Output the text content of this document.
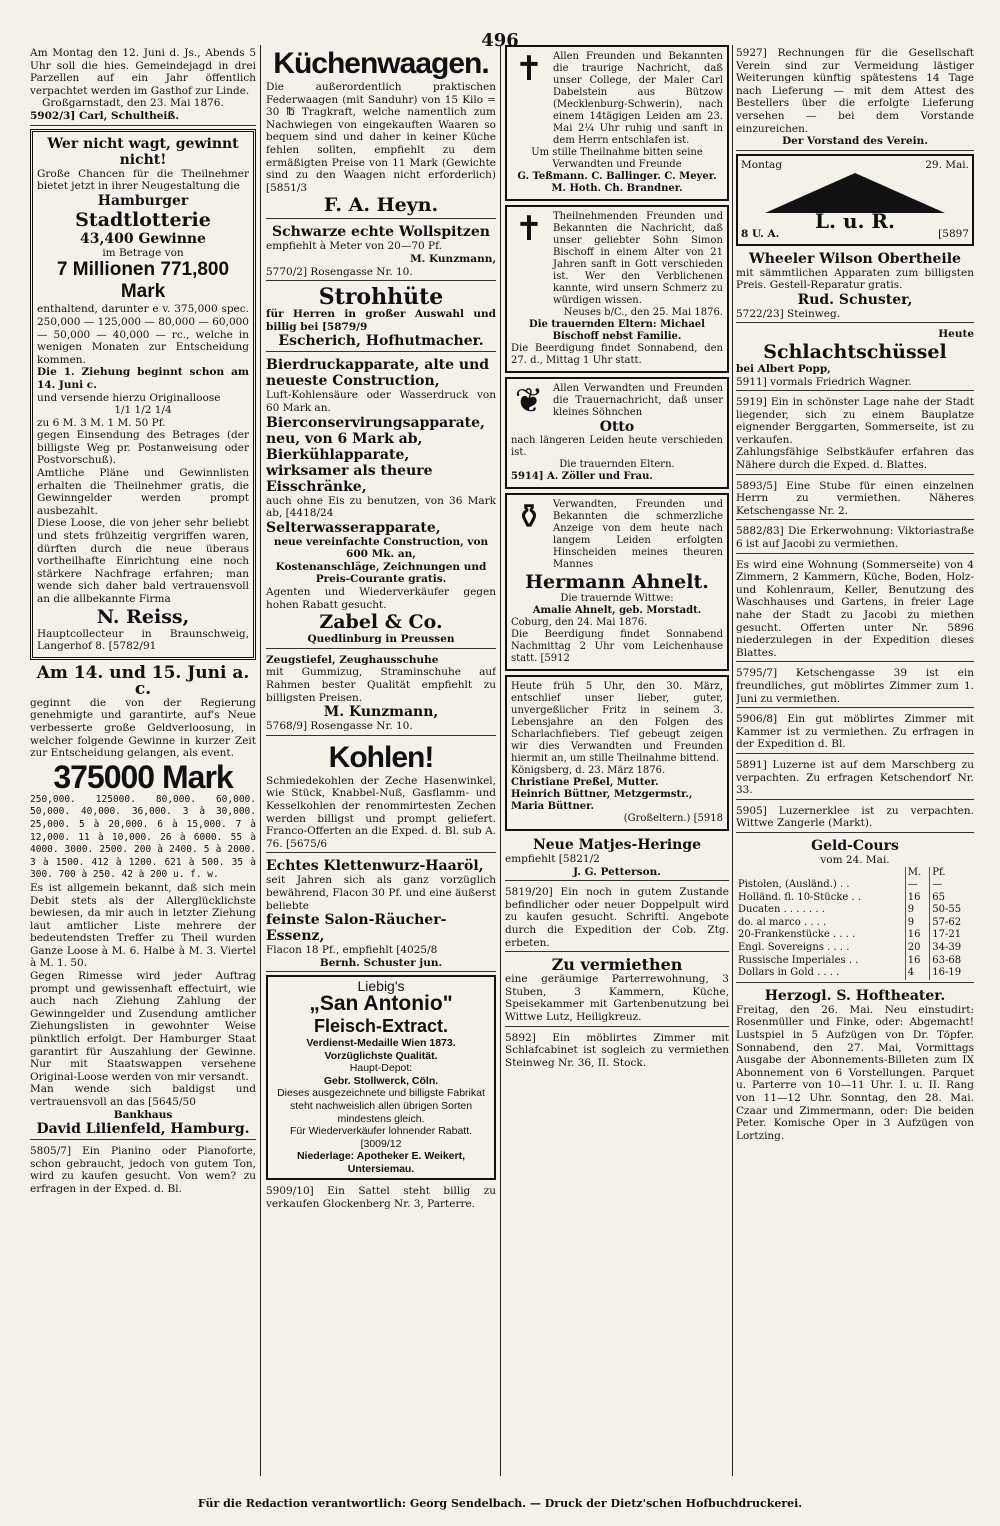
496

Am Montag den 12. Juni d. Js., Abends 5 Uhr soll die hies. Gemeindejagd in drei Parzellen auf ein Jahr öffentlich verpachtet werden im Gasthof zur Linde.

Großgarnstadt, den 23. Mai 1876.

5902/3] Carl, Schultheiß.

Wer nicht wagt, gewinnt nicht!

Große Chancen für die Theilnehmer bietet jetzt in ihrer Neugestaltung die

Hamburger

Stadtlotterie

43,400 Gewinne

im Betrage von

7 Millionen 771,800 Mark

enthaltend, darunter e v. 375,000 spec. 250,000 — 125,000 — 80,000 — 60,000 — 50,000 — 40,000 — rc., welche in wenigen Monaten zur Entscheidung kommen.

Die 1. Ziehung beginnt schon am 14. Juni c.

und versende hierzu Originalloose

1/1 1/2 1/4

zu 6 M. 3 M. 1 M. 50 Pf.

gegen Einsendung des Betrages (der billigste Weg pr. Postanweisung oder Postvorschuß).

Amtliche Pläne und Gewinnlisten erhalten die Theilnehmer gratis, die Gewinngelder werden prompt ausbezahlt.

Diese Loose, die von jeher sehr beliebt und stets frühzeitig vergriffen waren, dürften durch die neue überaus vortheilhafte Einrichtung eine noch stärkere Nachfrage erfahren; man wende sich daher bald vertrauensvoll an die allbekannte Firma

N. Reiss,

Hauptcollecteur in Braunschweig, Langerhof 8. [5782/91

Am 14. und 15. Juni a. c.

geginnt die von der Regierung genehmigte und garantirte, auf's Neue verbesserte große Geldverloosung, in welcher folgende Gewinne in kurzer Zeit zur Entscheidung gelangen, als event.

375000 Mark

250,000. 125000. 80,000. 60,000. 50,000. 40,000. 36,000. 3 à 30,000. 25,000. 5 à 20,000. 6 à 15,000. 7 à 12,000. 11 à 10,000. 26 à 6000. 55 à 4000. 3000. 2500. 200 à 2400. 5 à 2000. 3 à 1500. 412 à 1200. 621 à 500. 35 à 300. 700 à 250. 42 à 200 u. f. w.

Es ist allgemein bekannt, daß sich mein Debit stets als der Allerglücklichste bewiesen, da mir auch in letzter Ziehung laut amtlicher Liste mehrere der bedeutendsten Treffer zu Theil wurden Ganze Loose à M. 6. Halbe à M. 3. Viertel à M. 1. 50.

Gegen Rimesse wird jeder Auftrag prompt und gewissenhaft effectuirt, wie auch nach Ziehung Zahlung der Gewinngelder und Zusendung amtlicher Ziehungslisten in gewohnter Weise pünktlich erfolgt. Der Hamburger Staat garantirt für Auszahlung der Gewinne. Nur mit Staatswappen versehene Original-Loose werden von mir versandt.

Man wende sich baldigst und vertrauensvoll an das [5645/50

Bankhaus

David Lilienfeld, Hamburg.

5805/7] Ein Pianino oder Pianoforte, schon gebraucht, jedoch von gutem Ton, wird zu kaufen gesucht. Von wem? zu erfragen in der Exped. d. Bl.

Küchenwaagen.

Die außerordentlich praktischen Federwaagen (mit Sanduhr) von 15 Kilo = 30 ℔ Tragkraft, welche namentlich zum Nachwiegen von eingekauften Waaren so bequem sind und daher in keiner Küche fehlen sollten, empfiehlt zu dem ermäßigten Preise von 11 Mark (Gewichte sind zu den Waagen nicht erforderlich) [5851/3

F. A. Heyn.

Schwarze echte Wollspitzen

empfiehlt à Meter von 20—70 Pf.

M. Kunzmann,

5770/2] Rosengasse Nr. 10.

Strohhüte

für Herren in großer Auswahl und billig bei [5879/9

Escherich, Hofhutmacher.

Bierdruckapparate, alte und neueste Construction,

Luft-Kohlensäure oder Wasserdruck von 60 Mark an.

Bierconservirungsapparate, neu, von 6 Mark ab,

Bierkühlapparate, wirksamer als theure Eisschränke,

auch ohne Eis zu benutzen, von 36 Mark ab, [4418/24

Selterwasserapparate,

neue vereinfachte Construction, von 600 Mk. an,

Kostenanschläge, Zeichnungen und Preis-Courante gratis.

Agenten und Wiederverkäufer gegen hohen Rabatt gesucht.

Zabel & Co.

Quedlinburg in Preussen

Zeugstiefel, Zeughausschuhe

mit Gummizug, Straminschuhe auf Rahmen bester Qualität empfiehlt zu billigsten Preisen.

M. Kunzmann,

5768/9] Rosengasse Nr. 10.

Kohlen!

Schmiedekohlen der Zeche Hasenwinkel, wie Stück, Knabbel-Nuß, Gasflamm- und Kesselkohlen der renommirtesten Zechen werden billigst und prompt geliefert. Franco-Offerten an die Exped. d. Bl. sub A. 76. [5675/6

Echtes Klettenwurz-Haaröl,

seit Jahren sich als ganz vorzüglich bewährend, Flacon 30 Pf. und eine äußerst beliebte

feinste Salon-Räucher-Essenz,

Flacon 18 Pf., empfiehlt [4025/8

Bernh. Schuster jun.

Liebig's

„San Antonio"

Fleisch-Extract.

Verdienst-Medaille Wien 1873.

Vorzüglichste Qualität.

Haupt-Depot:

Gebr. Stollwerck, Cöln.

Dieses ausgezeichnete und billigste Fabrikat steht nachweislich allen übrigen Sorten mindestens gleich.

Für Wiederverkäufer lohnender Rabatt. [3009/12

Niederlage: Apotheker E. Weikert, Untersiemau.

5909/10] Ein Sattel steht billig zu verkaufen Glockenberg Nr. 3, Parterre.

✝ Allen Freunden und Bekannten die traurige Nachricht, daß unser College, der Maler Carl Dabelstein aus Bützow (Mecklenburg-Schwerin), nach einem 14tägigen Leiden am 23. Mai 2¼ Uhr ruhig und sanft in dem Herrn entschlafen ist.

Um stille Theilnahme bitten seine Verwandten und Freunde

G. Teßmann. C. Ballinger. C. Meyer. M. Hoth. Ch. Brandner.

✝ Theilnehmenden Freunden und Bekannten die Nachricht, daß unser geliebter Sohn Simon Bischoff in einem Alter von 21 Jahren sanft in Gott verschieden ist. Wer den Verblichenen kannte, wird unsern Schmerz zu würdigen wissen.

Neuses b/C., den 25. Mai 1876.

Die trauernden Eltern: Michael Bischoff nebst Familie.

Die Beerdigung findet Sonnabend, den 27. d., Mittag 1 Uhr statt.

❦ Allen Verwandten und Freunden die Trauernachricht, daß unser kleines Söhnchen

Otto

nach längeren Leiden heute verschieden ist.

Die trauernden Eltern.

5914] A. Zöller und Frau.

⚱ Verwandten, Freunden und Bekannten die schmerzliche Anzeige von dem heute nach langem Leiden erfolgten Hinscheiden meines theuren Mannes

Hermann Ahnelt.

Die trauernde Wittwe:

Amalie Ahnelt, geb. Morstadt.

Coburg, den 24. Mai 1876.

Die Beerdigung findet Sonnabend Nachmittag 2 Uhr vom Leichenhause statt. [5912

Heute früh 5 Uhr, den 30. März, entschlief unser lieber, guter, unvergeßlicher Fritz in seinem 3. Lebensjahre an den Folgen des Scharlachfiebers. Tief gebeugt zeigen wir dies Verwandten und Freunden hiermit an, um stille Theilnahme bittend.

Königsberg, d. 23. März 1876.

Christiane Preßel, Mutter.

Heinrich Büttner, Metzgermstr.,

Maria Büttner.

(Großeltern.) [5918

Neue Matjes-Heringe

empfiehlt [5821/2

J. G. Petterson.

5819/20] Ein noch in gutem Zustande befindlicher oder neuer Doppelpult wird zu kaufen gesucht. Schriftl. Angebote durch die Expedition der Cob. Ztg. erbeten.

Zu vermiethen

eine geräumige Parterrewohnung, 3 Stuben, 3 Kammern, Küche, Speisekammer mit Gartenbenutzung bei Wittwe Lutz, Heiligkreuz.

5892] Ein möblirtes Zimmer mit Schlafcabinet ist sogleich zu vermiethen Steinweg Nr. 36, II. Stock.

5927] Rechnungen für die Gesellschaft Verein sind zur Vermeidung lästiger Weiterungen künftig spätestens 14 Tage nach Lieferung — mit dem Attest des Bestellers über die erfolgte Lieferung versehen — bei dem Vorstande einzureichen.

Der Vorstand des Verein.

Montag	29. Mai.

L. u. R.

8 U. A.	[5897

Wheeler Wilson Obertheile

mit sämmtlichen Apparaten zum billigsten Preis. Gestell-Reparatur gratis.

Rud. Schuster,

5722/23] Steinweg.

Heute

Schlachtschüssel

bei Albert Popp,

5911] vormals Friedrich Wagner.

5919] Ein in schönster Lage nahe der Stadt liegender, sich zu einem Bauplatze eignender Berggarten, Sommerseite, ist zu verkaufen.

Zahlungsfähige Selbstkäufer erfahren das Nähere durch die Exped. d. Blattes.

5893/5] Eine Stube für einen einzelnen Herrn zu vermiethen. Näheres Ketschengasse Nr. 2.

5882/83] Die Erkerwohnung: Viktoriastraße 6 ist auf Jacobi zu vermiethen.

Es wird eine Wohnung (Sommerseite) von 4 Zimmern, 2 Kammern, Küche, Boden, Holz- und Kohlenraum, Keller, Benutzung des Waschhauses und Gartens, in freier Lage nahe der Stadt zu Jacobi zu miethen gesucht. Offerten unter Nr. 5896 niederzulegen in der Expedition dieses Blattes.

5795/7] Ketschengasse 39 ist ein freundliches, gut möblirtes Zimmer zum 1. Juni zu vermiethen.

5906/8] Ein gut möblirtes Zimmer mit Kammer ist zu vermiethen. Zu erfragen in der Expedition d. Bl.

5891] Luzerne ist auf dem Marschberg zu verpachten. Zu erfragen Ketschendorf Nr. 33.

5905] Luzernerklee ist zu verpachten. Wittwe Zangerle (Markt).

Geld-Cours

vom 24. Mai.

	M.	Pf.
Pistolen, (Ausländ.) . .	—	—
Holländ. fl. 10-Stücke . .	16	65
Ducaten . . . . . . .	9	50-55
do. al marco . . . .	9	57-62
20-Frankenstücke . . . .	16	17-21
Engl. Sovereigns . . . .	20	34-39
Russische Imperiales . .	16	63-68
Dollars in Gold . . . .	4	16-19

Herzogl. S. Hoftheater.

Freitag, den 26. Mai. Neu einstudirt: Rosenmüller und Finke, oder: Abgemacht! Lustspiel in 5 Aufzügen von Dr. Töpfer. Sonnabend, den 27. Mai, Vormittags Ausgabe der Abonnements-Billeten zum IX Abonnement von 6 Vorstellungen. Parquet u. Parterre von 10—11 Uhr. I. u. II. Rang von 11—12 Uhr. Sonntag, den 28. Mai. Czaar und Zimmermann, oder: Die beiden Peter. Komische Oper in 3 Aufzügen von Lortzing.

Für die Redaction verantwortlich: Georg Sendelbach. — Druck der Dietz'schen Hofbuchdruckerei.
